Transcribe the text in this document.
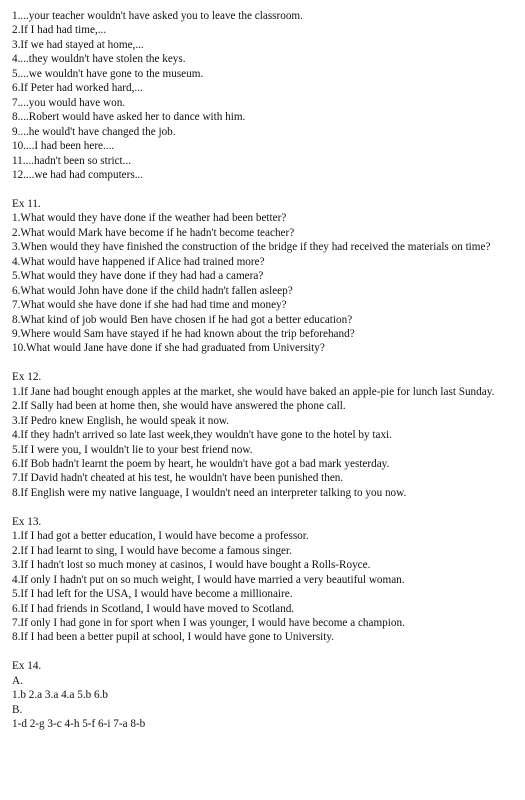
1....your teacher wouldn't have asked you to leave the classroom.
2.If I had had time,...
3.If we had stayed at home,...
4....they wouldn't have stolen the keys.
5....we wouldn't have gone to the museum.
6.If Peter had worked hard,...
7....you would have won.
8....Robert would have asked her to dance with him.
9....he would't have changed the job.
10....I had been here....
11....hadn't been so strict...
12....we had had computers...
Ex 11.
1.What would they have done if the weather had been better?
2.What would Mark have become if he hadn't become teacher?
3.When would they have finished the construction of the bridge if they had received the materials on time?
4.What would have happened if Alice had trained more?
5.What would they have done if they had had a camera?
6.What would John have done if the child hadn't fallen asleep?
7.What would she have done if she had had time and money?
8.What kind of job would Ben have chosen if he had got a better education?
9.Where would Sam have stayed if he had known about the trip beforehand?
10.What would Jane have done if she had graduated from University?
Ex 12.
1.If Jane had bought enough apples at the market, she would have baked an apple-pie for lunch last Sunday.
2.If Sally had been at home then, she would have answered the phone call.
3.If Pedro knew English, he would speak it now.
4.If they hadn't arrived so late last week,they wouldn't have gone to the hotel by taxi.
5.If I were you, I wouldn't lie to your best friend now.
6.If Bob hadn't learnt the poem by heart, he wouldn't have got a bad mark yesterday.
7.If David hadn't cheated at his test, he wouldn't have been punished then.
8.If English were my native language, I wouldn't need an interpreter talking to you now.
Ex 13.
1.If I had got a better education, I would have become a professor.
2.If I had learnt to sing, I would have become a famous singer.
3.If I hadn't lost so much money at casinos, I would have bought a Rolls-Royce.
4.If only I hadn't put on so much weight, I would have married a very beautiful woman.
5.If I had left for the USA, I would have become a millionaire.
6.If I had friends in Scotland, I would have moved to Scotland.
7.If only I had gone in for sport when I was younger, I would have become a champion.
8.If I had been a better pupil at school, I would have gone to University.
Ex 14.
A.
1.b 2.a 3.a 4.a 5.b 6.b
B.
1-d 2-g 3-c 4-h 5-f 6-i 7-a 8-b
